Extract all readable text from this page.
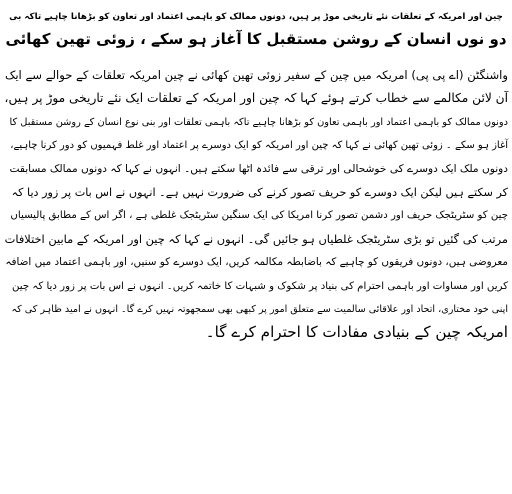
چین اور امریکہ کے تعلقات نئے تاریخی موڑ پر ہیں، دونوں ممالک کو باہمی اعتماد اور تعاون کو بڑھانا چاہیے تاکہ بی
دو نوں انسان کے روشن مستقبل کا آغاز ہو سکے ، زوئی تھین کھائی
واشنگٹن (اے پی پی) امریکہ میں چین کے سفیر زوئی تھین کھائی نے چین امریکہ تعلقات کے حوالے سے ایک
آن لائن مکالمے سے خطاب کرتے ہوئے کہا کہ چین اور امریکہ کے تعلقات ایک نئے تاریخی موڑ پر ہیں،
دونوں ممالک کو باہمی اعتماد اور باہمی تعاون کو بڑھانا چاہیے تاکہ باہمی تعلقات اور بنی نوع انسان کے روشن مستقبل کا
آغاز ہو سکے ۔ زوئی تھین کھائی نے کہا کہ چین اور امریکہ کو ایک دوسرے پر اعتماد اور غلط فہمیوں کو دور کرنا چاہیے،
دونوں ملک ایک دوسرے کی خوشحالی اور ترقی سے فائدہ اٹھا سکتے ہیں۔ انہوں نے کہا کہ دونوں ممالک مسابقت
کر سکتے ہیں لیکن ایک دوسرے کو حریف تصور کرنے کی ضرورت نہیں ہے۔ انہوں نے اس بات پر زور دیا کہ
چین کو سٹریٹجک حریف اور دشمن تصور کرنا امریکا کی ایک سنگین سٹریٹجک غلطی ہے ، اگر اس کے مطابق پالیسیاں
مرتب کی گئیں تو بڑی سٹریٹجک غلطیاں ہو جائیں گی۔ انہوں نے کہا کہ چین اور امریکہ کے مابین اختلافات
معروضی ہیں، دونوں فریقوں کو چاہیے کہ باضابطہ مکالمہ کریں، ایک دوسرے کو سنیں، اور باہمی اعتماد میں اضافہ
کریں اور مساوات اور باہمی احترام کی بنیاد پر شکوک و شبہات کا خاتمہ کریں۔ انہوں نے اس بات پر زور دیا کہ چین
اپنی خود مختاری، اتحاد اور علاقائی سالمیت سے متعلق امور پر کبھی بھی سمجھوتہ نہیں کرے گا۔ انہوں نے امید ظاہر کی کہ
امریکہ چین کے بنیادی مفادات کا احترام کرے گا۔
